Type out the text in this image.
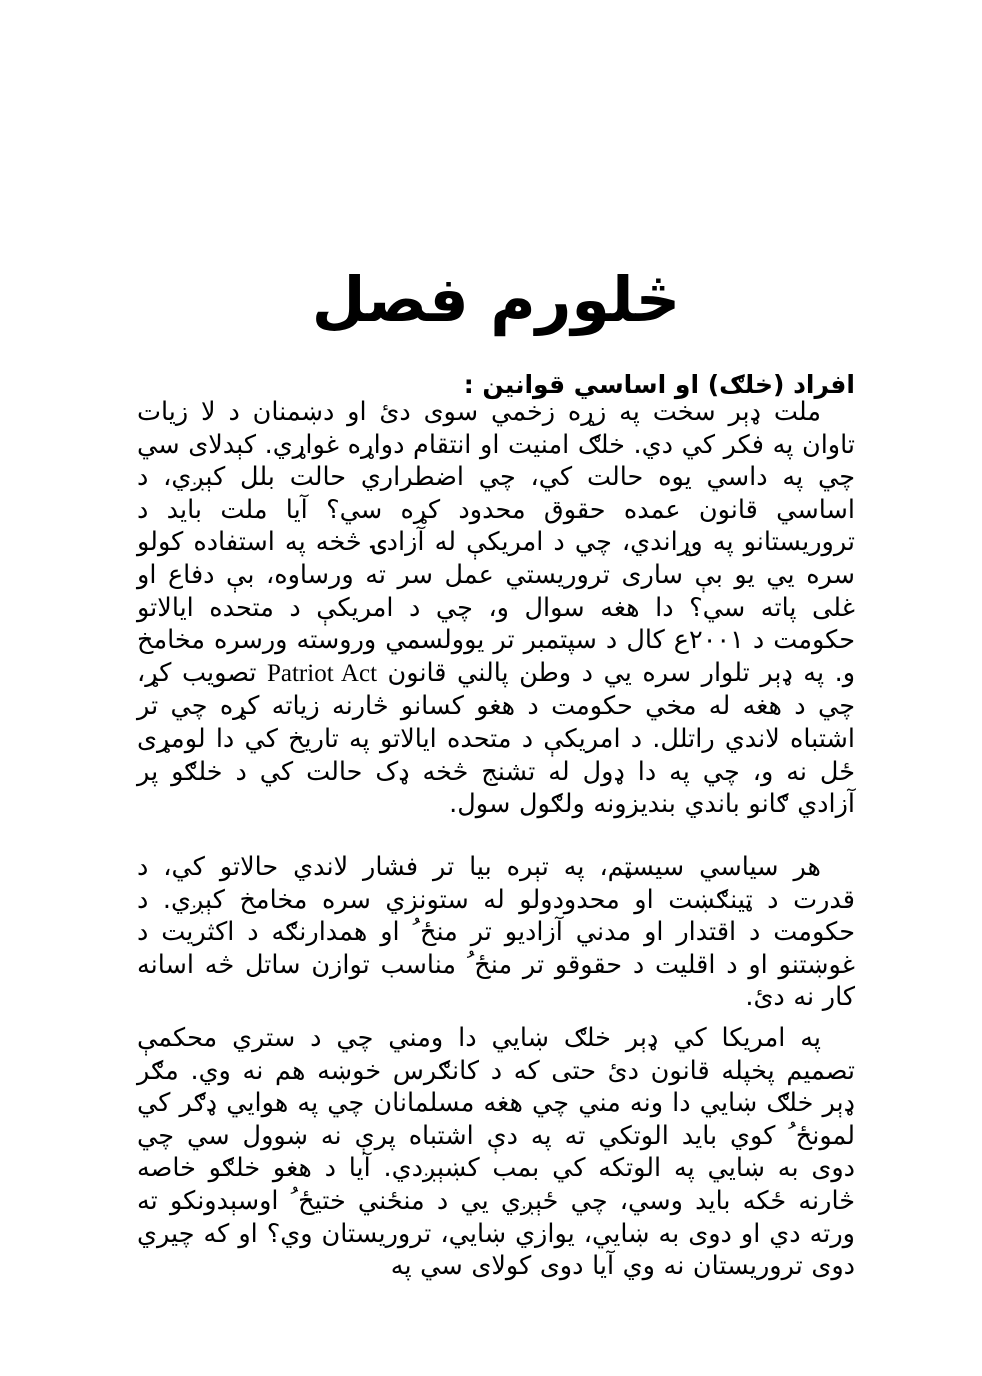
څلورم فصل
افراد (خلګ) او اساسي قوانین :

ملت ډېر سخت په زړه زخمي سوی دئ او دښمنان د لا زيات تاوان په فکر کي دي. خلګ امنيت او انتقام دواړه غواړي. کېدلای سي چي په داسي يوه حالت کي، چي اضطراري حالت بلل کېږي، د اساسي قانون عمده حقوق محدود کړه سي؟ آيا ملت بايد د تروريستانو په وړاندي، چي د امريکې له آزادۍ څخه په استفاده کولو سره يي يو بې ساری تروريستي عمل سر ته ورساوه، بې دفاع او غلی پاته سي؟ دا هغه سوال و، چي د امريکې د متحده ايالاتو حکومت د ٢٠٠١ع کال د سپتمبر تر يوولسمي وروسته ورسره مخامخ و. په ډېر تلوار سره يي د وطن پالني قانون Patriot Act تصويب کړ، چي د هغه له مخي حکومت د هغو کسانو څارنه زياته کړه چي تر اشتباه لاندي راتلل. د امريکې د متحده ايالاتو په تاريخ کي دا لومړی ځل نه و، چي په دا ډول له تشنج څخه ډک حالت کي د خلګو پر آزادي ګانو باندي بنديزونه ولګول سول.

هر سياسي سيسټم، په تېره بيا تر فشار لاندي حالاتو کي، د قدرت د ټينګښت او محدودولو له ستونزي سره مخامخ کېږي. د حکومت د اقتدار او مدني آزاديو تر منځﹸ او همدارنګه د اکثريت د غوښتنو او د اقليت د حقوقو تر منځﹸ مناسب توازن ساتل څه اسانه کار نه دئ.

په امريکا کي ډېر خلګ ښايي دا ومني چي د ستري محکمې تصميم پخپله قانون دئ حتی که د کانګرس خوښه هم نه وي. مګر ډېر خلګ ښايي دا ونه مني چي هغه مسلمانان چي په هوايي ډګر کي لمونځﹸ کوي بايد الوتکي ته په دې اشتباه پرې نه ښوول سي چي دوی به ښايي په الوتکه کي بمب کښېږدي. آيا د هغو خلګو خاصه څارنه ځکه بايد وسي، چي ځېږي يي د منځني ختيځﹸ اوسېدونکو ته ورته دي او دوی به ښايي، يوازي ښايي، تروريستان وي؟ او که چيري دوی تروريستان نه وي آيا دوی کولای سي په
